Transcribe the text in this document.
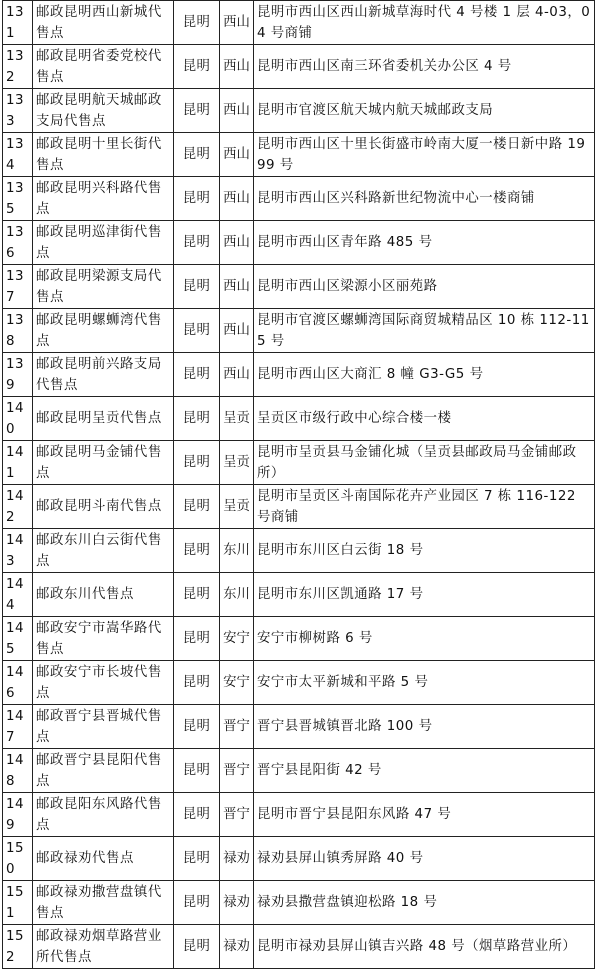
131	邮政昆明西山新城代售点	昆明	西山	昆明市西山区西山新城草海时代 4 号楼 1 层 4-03，04 号商铺
132	邮政昆明省委党校代售点	昆明	西山	昆明市西山区南三环省委机关办公区 4 号
133	邮政昆明航天城邮政支局代售点	昆明	西山	昆明市官渡区航天城内航天城邮政支局
134	邮政昆明十里长街代售点	昆明	西山	昆明市西山区十里长街盛市岭南大厦一楼日新中路 1999 号
135	邮政昆明兴科路代售点	昆明	西山	昆明市西山区兴科路新世纪物流中心一楼商铺
136	邮政昆明巡津街代售点	昆明	西山	昆明市西山区青年路 485 号
137	邮政昆明梁源支局代售点	昆明	西山	昆明市西山区梁源小区丽苑路
138	邮政昆明螺蛳湾代售点	昆明	西山	昆明市官渡区螺蛳湾国际商贸城精品区 10 栋 112-115 号
139	邮政昆明前兴路支局代售点	昆明	西山	昆明市西山区大商汇 8 幢 G3-G5 号
140	邮政昆明呈贡代售点	昆明	呈贡	呈贡区市级行政中心综合楼一楼
141	邮政昆明马金铺代售点	昆明	呈贡	昆明市呈贡县马金铺化城（呈贡县邮政局马金铺邮政所）
142	邮政昆明斗南代售点	昆明	呈贡	昆明市呈贡区斗南国际花卉产业园区 7 栋 116-122 号商铺
143	邮政东川白云街代售点	昆明	东川	昆明市东川区白云街 18 号
144	邮政东川代售点	昆明	东川	昆明市东川区凯通路 17 号
145	邮政安宁市嵩华路代售点	昆明	安宁	安宁市柳树路 6 号
146	邮政安宁市长坡代售点	昆明	安宁	安宁市太平新城和平路 5 号
147	邮政晋宁县晋城代售点	昆明	晋宁	晋宁县晋城镇晋北路 100 号
148	邮政晋宁县昆阳代售点	昆明	晋宁	晋宁县昆阳街 42 号
149	邮政昆阳东风路代售点	昆明	晋宁	昆明市晋宁县昆阳东风路 47 号
150	邮政禄劝代售点	昆明	禄劝	禄劝县屏山镇秀屏路 40 号
151	邮政禄劝撒营盘镇代售点	昆明	禄劝	禄劝县撒营盘镇迎松路 18 号
152	邮政禄劝烟草路营业所代售点	昆明	禄劝	昆明市禄劝县屏山镇吉兴路 48 号（烟草路营业所）
